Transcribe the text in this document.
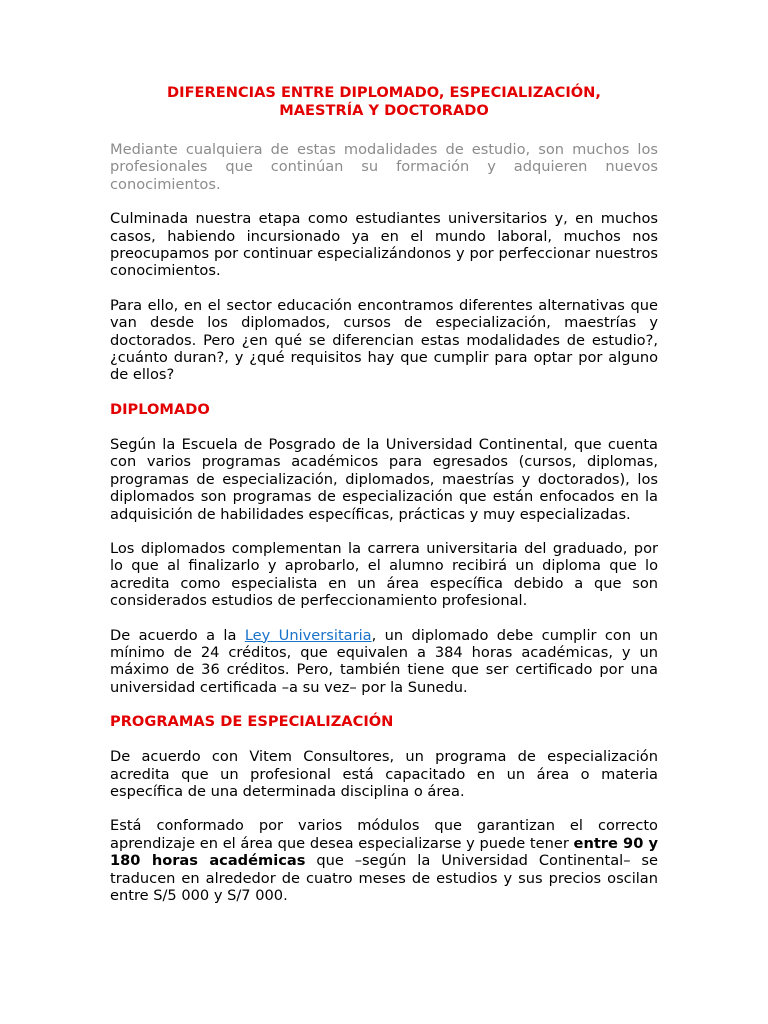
DIFERENCIAS ENTRE DIPLOMADO, ESPECIALIZACIÓN,
MAESTRÍA Y DOCTORADO

Mediante cualquiera de estas modalidades de estudio, son muchos los profesionales que continúan su formación y adquieren nuevos conocimientos.

Culminada nuestra etapa como estudiantes universitarios y, en muchos casos, habiendo incursionado ya en el mundo laboral, muchos nos preocupamos por continuar especializándonos y por perfeccionar nuestros conocimientos.

Para ello, en el sector educación encontramos diferentes alternativas que van desde los diplomados, cursos de especialización, maestrías y doctorados. Pero ¿en qué se diferencian estas modalidades de estudio?, ¿cuánto duran?, y ¿qué requisitos hay que cumplir para optar por alguno de ellos?

DIPLOMADO

Según la Escuela de Posgrado de la Universidad Continental, que cuenta con varios programas académicos para egresados (cursos, diplomas, programas de especialización, diplomados, maestrías y doctorados), los diplomados son programas de especialización que están enfocados en la adquisición de habilidades específicas, prácticas y muy especializadas.

Los diplomados complementan la carrera universitaria del graduado, por lo que al finalizarlo y aprobarlo, el alumno recibirá un diploma que lo acredita como especialista en un área específica debido a que son considerados estudios de perfeccionamiento profesional.

De acuerdo a la Ley Universitaria, un diplomado debe cumplir con un mínimo de 24 créditos, que equivalen a 384 horas académicas, y un máximo de 36 créditos. Pero, también tiene que ser certificado por una universidad certificada –a su vez– por la Sunedu.

PROGRAMAS DE ESPECIALIZACIÓN

De acuerdo con Vitem Consultores, un programa de especialización acredita que un profesional está capacitado en un área o materia específica de una determinada disciplina o área.

Está conformado por varios módulos que garantizan el correcto aprendizaje en el área que desea especializarse y puede tener entre 90 y 180 horas académicas que –según la Universidad Continental– se traducen en alrededor de cuatro meses de estudios y sus precios oscilan entre S/5 000 y S/7 000.
